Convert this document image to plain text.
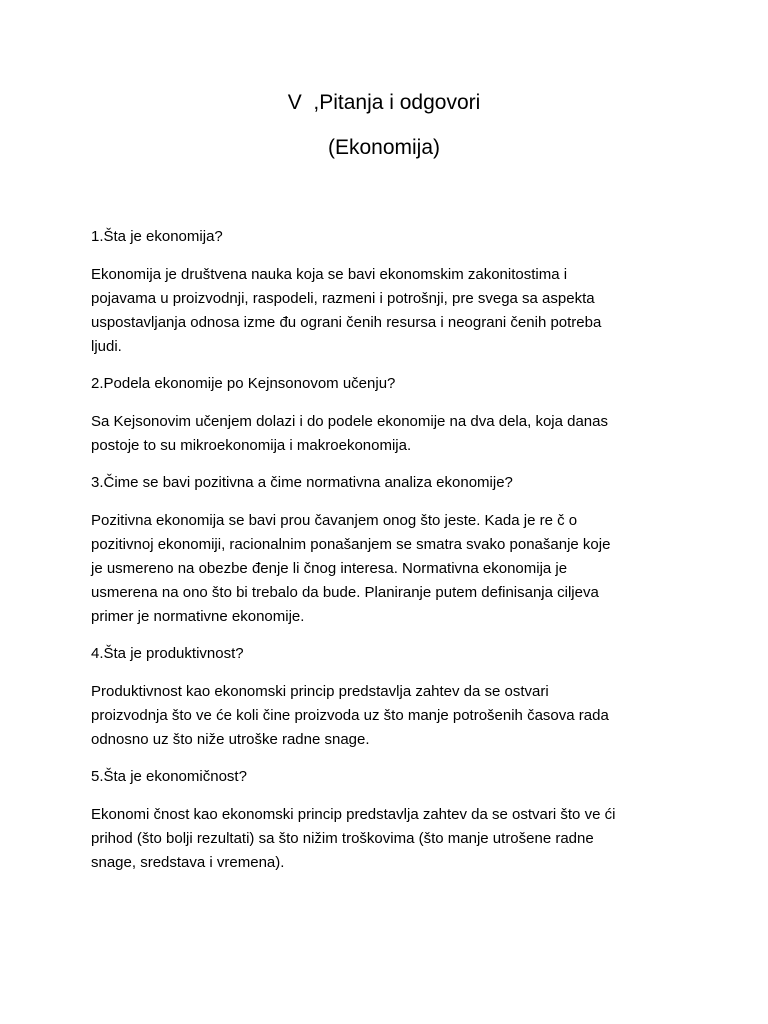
V  ,Pitanja i odgovori
(Ekonomija)

1.Šta je ekonomija?

Ekonomija je društvena nauka koja se bavi ekonomskim zakonitostima i
pojavama u proizvodnji, raspodeli, razmeni i potrošnji, pre svega sa aspekta
uspostavljanja odnosa izme đu ograni čenih resursa i neograni čenih potreba
ljudi.

2.Podela ekonomije po Kejnsonovom učenju?

Sa Kejsonovim učenjem dolazi i do podele ekonomije na dva dela, koja danas
postoje to su mikroekonomija i makroekonomija.

3.Čime se bavi pozitivna a čime normativna analiza ekonomije?

Pozitivna ekonomija se bavi prou čavanjem onog što jeste. Kada je re č o
pozitivnoj ekonomiji, racionalnim ponašanjem se smatra svako ponašanje koje
je usmereno na obezbe đenje li čnog interesa. Normativna ekonomija je
usmerena na ono što bi trebalo da bude. Planiranje putem definisanja ciljeva
primer je normativne ekonomije.

4.Šta je produktivnost?

Produktivnost kao ekonomski princip predstavlja zahtev da se ostvari
proizvodnja što ve će koli čine proizvoda uz što manje potrošenih časova rada
odnosno uz što niže utroške radne snage.

5.Šta je ekonomičnost?

Ekonomi čnost kao ekonomski princip predstavlja zahtev da se ostvari što ve ći
prihod (što bolji rezultati) sa što nižim troškovima (što manje utrošene radne
snage, sredstava i vremena).
